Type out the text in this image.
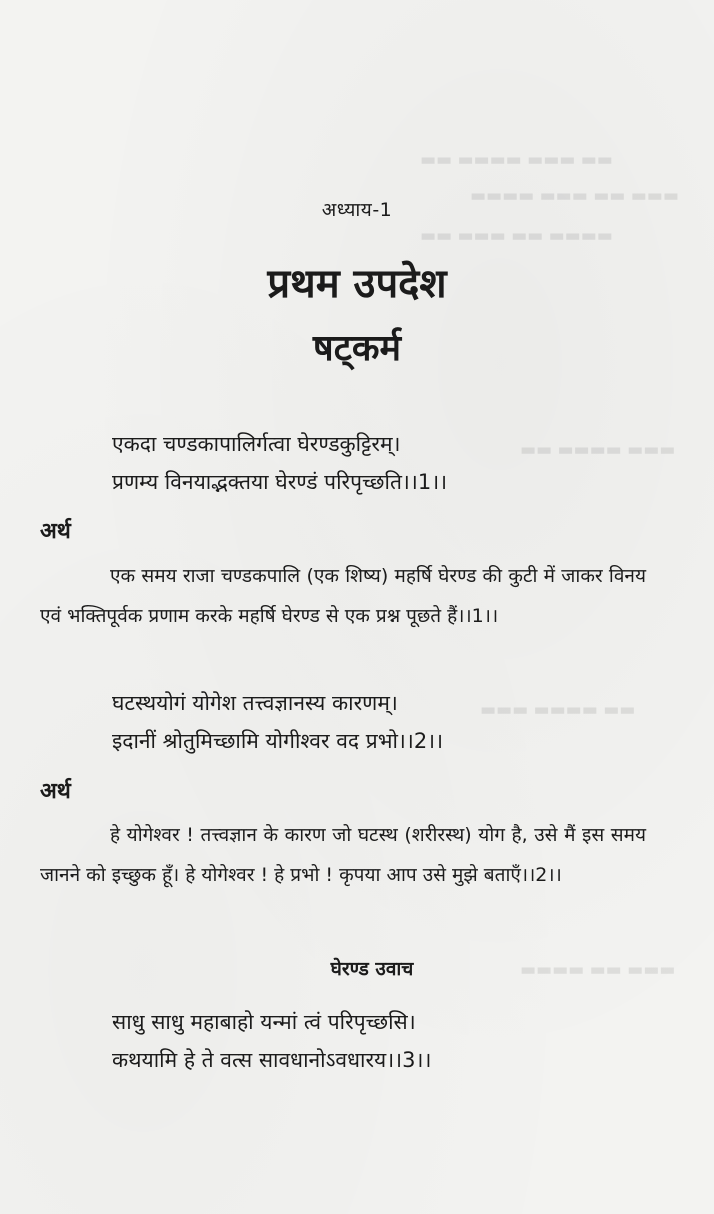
▬▬ ▬▬▬ ▬▬▬▬ ▬▬
▬▬▬ ▬▬ ▬▬▬ ▬▬▬▬
▬▬▬▬ ▬▬ ▬▬▬ ▬▬
▬▬▬ ▬▬▬▬ ▬▬
▬▬ ▬▬▬▬ ▬▬▬
▬▬▬ ▬▬ ▬▬▬▬
अध्याय-1
प्रथम उपदेश
षट्कर्म
एकदा चण्डकापालिर्गत्वा घेरण्डकुट्टिरम्।
प्रणम्य विनयाद्भक्तया घेरण्डं परिपृच्छति।।1।।
अर्थ
एक समय राजा चण्डकपालि (एक शिष्य) महर्षि घेरण्ड की कुटी में जाकर विनय एवं भक्तिपूर्वक प्रणाम करके महर्षि घेरण्ड से एक प्रश्न पूछते हैं।।1।।
घटस्थयोगं योगेश तत्त्वज्ञानस्य कारणम्।
इदानीं श्रोतुमिच्छामि योगीश्वर वद प्रभो।।2।।
अर्थ
हे योगेश्वर ! तत्त्वज्ञान के कारण जो घटस्थ (शरीरस्थ) योग है, उसे मैं इस समय जानने को इच्छुक हूँ। हे योगेश्वर ! हे प्रभो ! कृपया आप उसे मुझे बताएँ।।2।।
घेरण्ड उवाच
साधु साधु महाबाहो यन्मां त्वं परिपृच्छसि।
कथयामि हे ते वत्स सावधानोऽवधारय।।3।।
